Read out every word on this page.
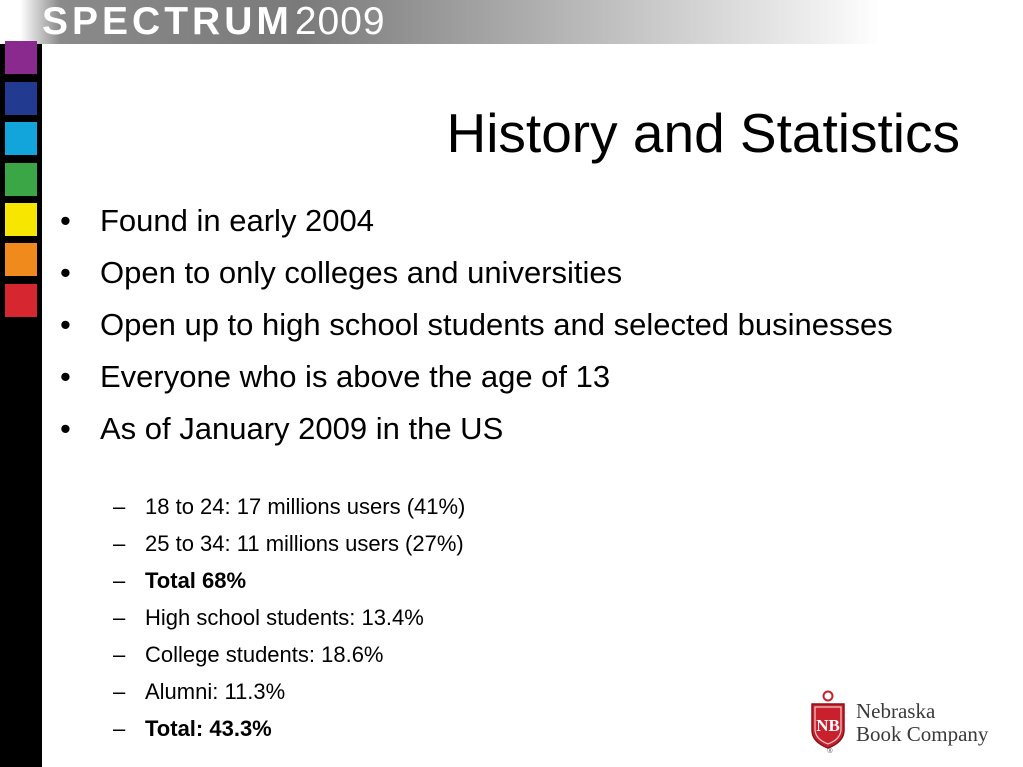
SPECTRUM2009
History and Statistics
• Found in early 2004
• Open to only colleges and universities
• Open up to high school students and selected businesses
• Everyone who is above the age of 13
• As of January 2009 in the US
– 18 to 24: 17 millions users (41%)
– 25 to 34: 11 millions users (27%)
– Total 68%
– High school students: 13.4%
– College students: 18.6%
– Alumni: 11.3%
– Total: 43.3%	NB
®
Nebraska
Book Company
